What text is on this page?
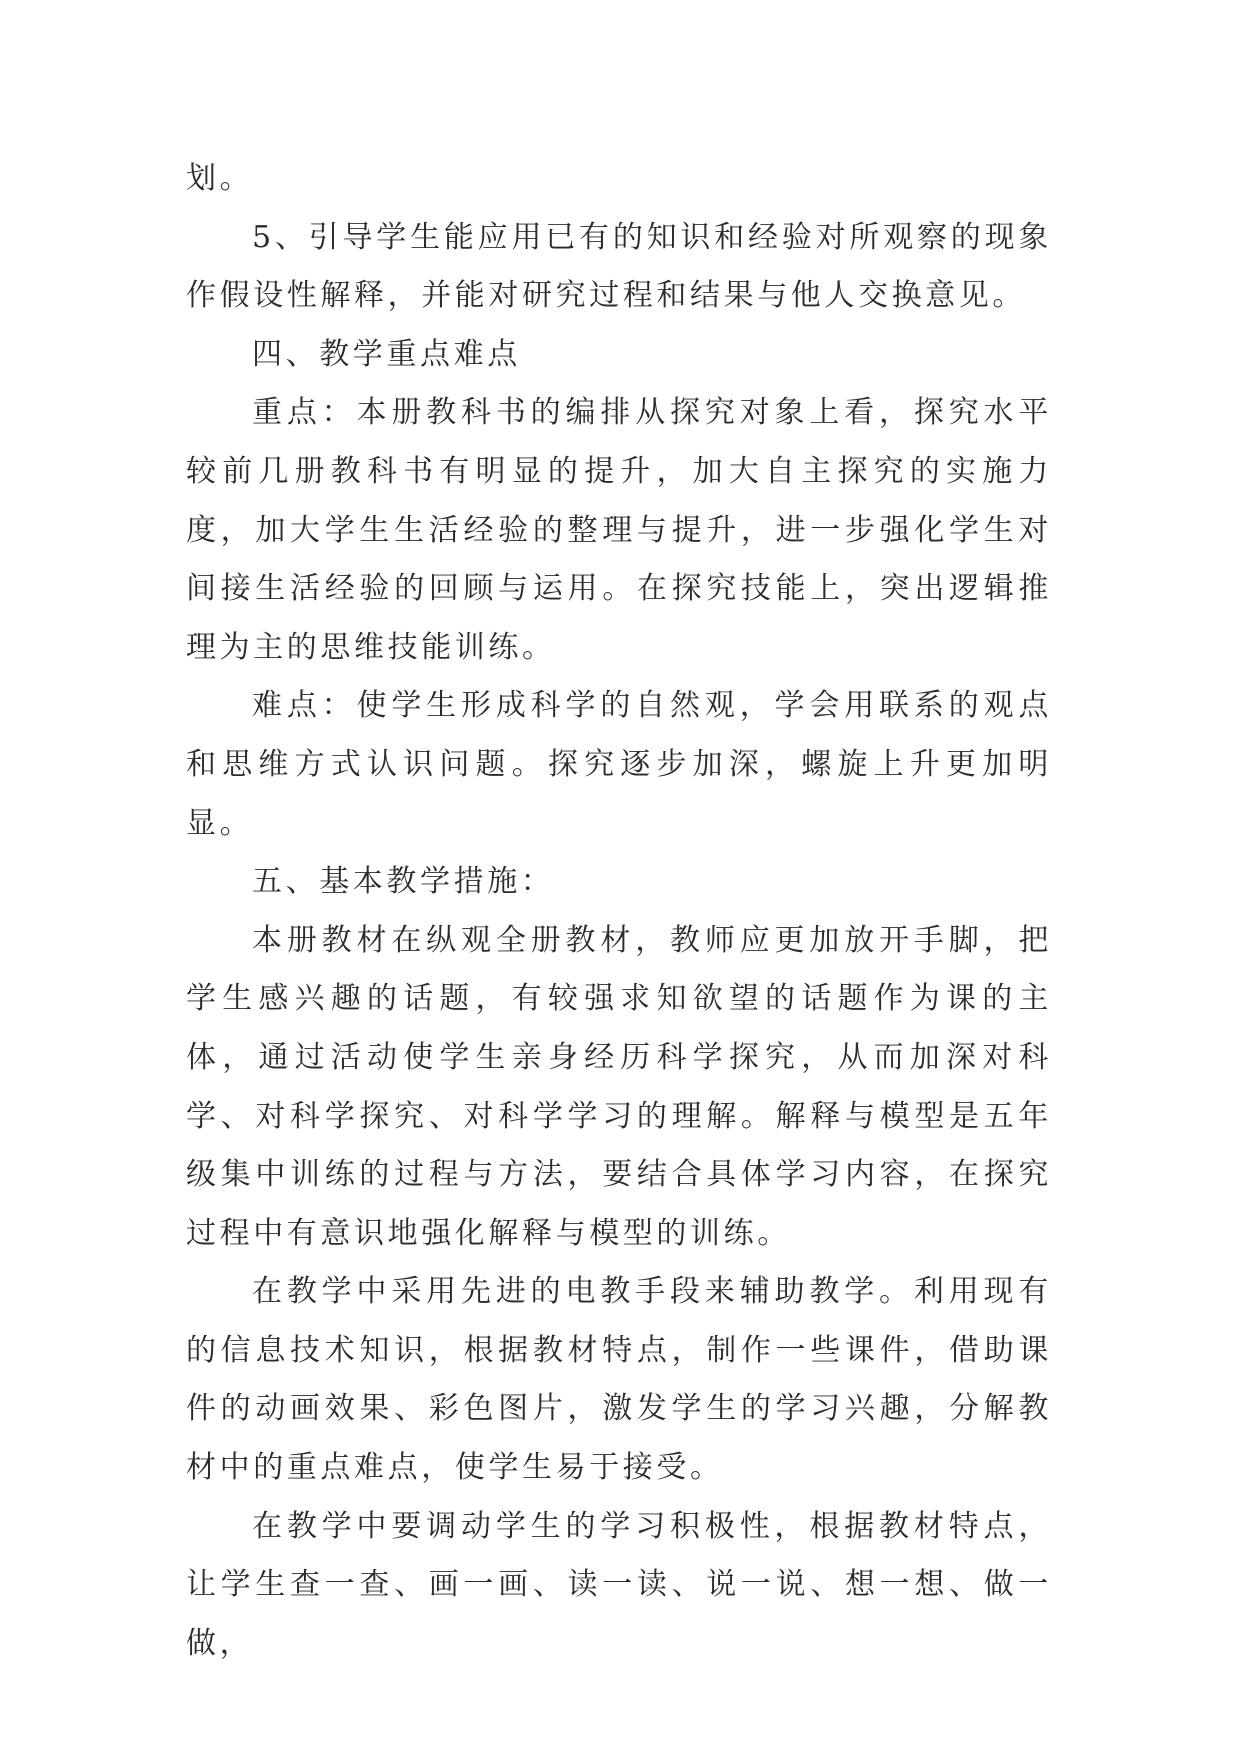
划。

5、引导学生能应用已有的知识和经验对所观察的现象作假设性解释，并能对研究过程和结果与他人交换意见。

四、教学重点难点

重点：本册教科书的编排从探究对象上看，探究水平较前几册教科书有明显的提升，加大自主探究的实施力度，加大学生生活经验的整理与提升，进一步强化学生对间接生活经验的回顾与运用。在探究技能上，突出逻辑推理为主的思维技能训练。

难点：使学生形成科学的自然观，学会用联系的观点和思维方式认识问题。探究逐步加深，螺旋上升更加明显。

五、基本教学措施：

本册教材在纵观全册教材，教师应更加放开手脚，把学生感兴趣的话题，有较强求知欲望的话题作为课的主体，通过活动使学生亲身经历科学探究，从而加深对科学、对科学探究、对科学学习的理解。解释与模型是五年级集中训练的过程与方法，要结合具体学习内容，在探究过程中有意识地强化解释与模型的训练。

在教学中采用先进的电教手段来辅助教学。利用现有的信息技术知识，根据教材特点，制作一些课件，借助课件的动画效果、彩色图片，激发学生的学习兴趣，分解教材中的重点难点，使学生易于接受。

在教学中要调动学生的学习积极性，根据教材特点，让学生查一查、画一画、读一读、说一说、想一想、做一做，
